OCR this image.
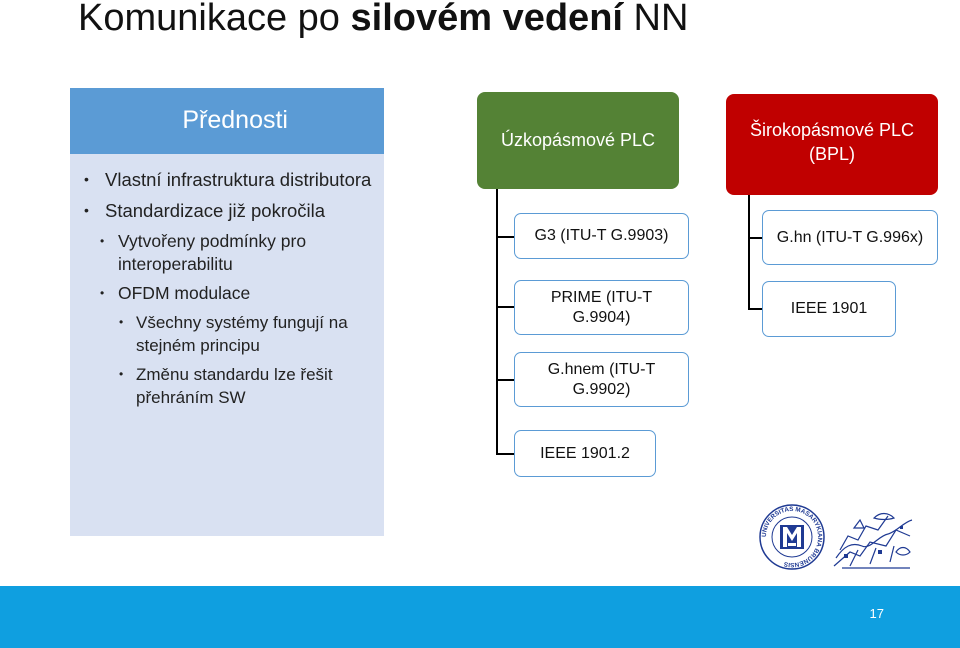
Komunikace po silovém vedení NN
Přednosti
• Vlastní infrastruktura distributora
• Standardizace již pokročila
• Vytvořeny podmínky pro interoperabilitu
• OFDM modulace
• Všechny systémy fungují na stejném principu
• Změnu standardu lze řešit přehráním SW
Úzkopásmové PLC
G3 (ITU-T G.9903)
PRIME (ITU-T G.9904)
G.hnem (ITU-T G.9902)
IEEE 1901.2
Širokopásmové PLC (BPL)
G.hn (ITU-T G.996x)
IEEE 1901
UNIVERSITAS MASARYKIANA BRUNENSIS
17
